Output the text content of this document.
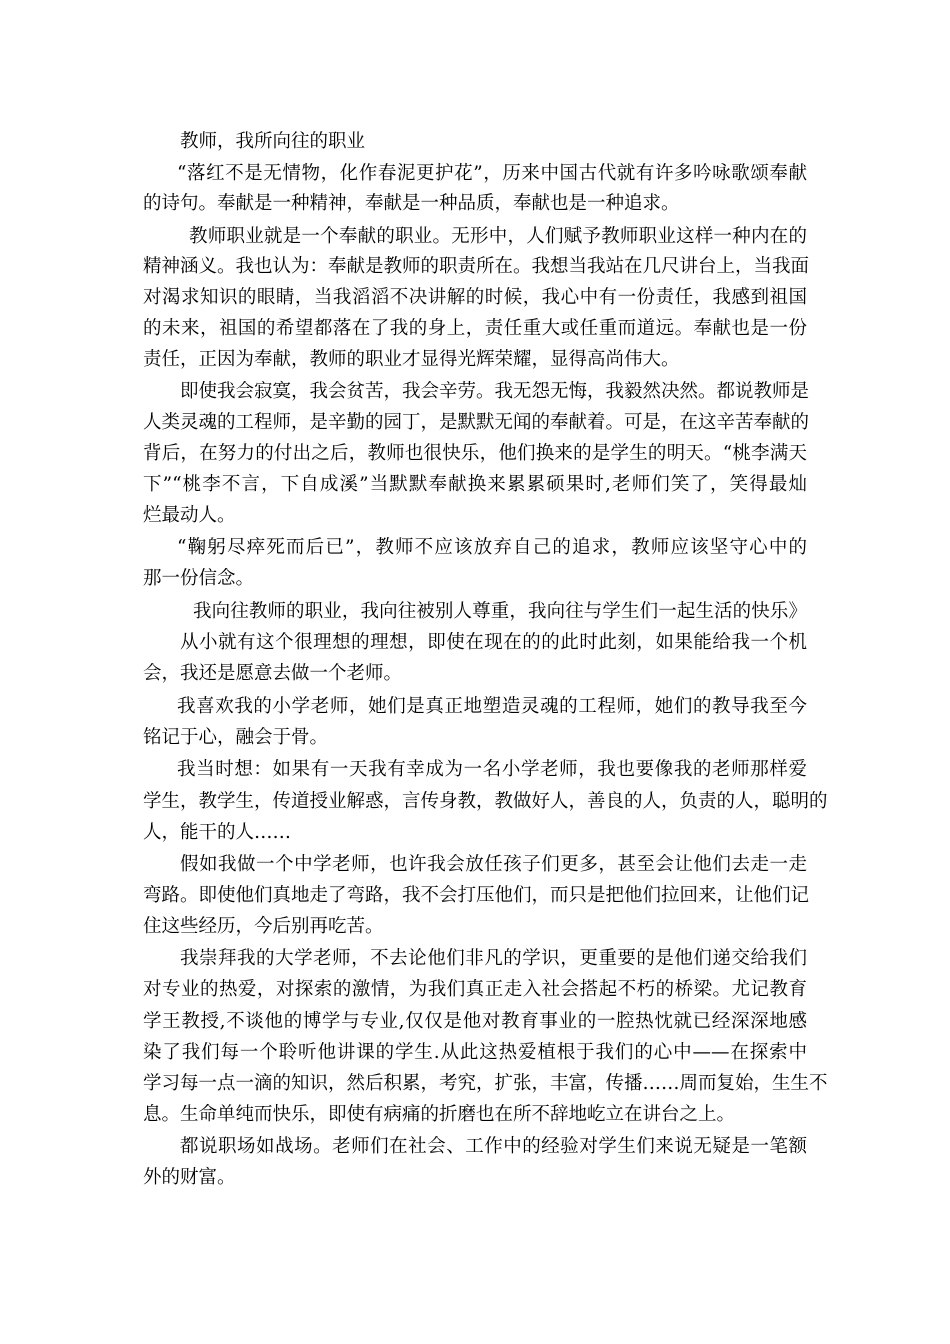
教师，我所向往的职业
“落红不是无情物，化作春泥更护花”，历来中国古代就有许多吟咏歌颂奉献
的诗句。奉献是一种精神，奉献是一种品质，奉献也是一种追求。
教师职业就是一个奉献的职业。无形中，人们赋予教师职业这样一种内在的
精神涵义。我也认为：奉献是教师的职责所在。我想当我站在几尺讲台上，当我面
对渴求知识的眼睛，当我滔滔不决讲解的时候，我心中有一份责任，我感到祖国
的未来，祖国的希望都落在了我的身上，责任重大或任重而道远。奉献也是一份
责任，正因为奉献，教师的职业才显得光辉荣耀，显得高尚伟大。
即使我会寂寞，我会贫苦，我会辛劳。我无怨无悔，我毅然决然。都说教师是
人类灵魂的工程师，是辛勤的园丁，是默默无闻的奉献着。可是，在这辛苦奉献的
背后，在努力的付出之后，教师也很快乐，他们换来的是学生的明天。“桃李满天
下”“桃李不言，下自成溪”当默默奉献换来累累硕果时,老师们笑了，笑得最灿
烂最动人。
“鞠躬尽瘁死而后已”，教师不应该放弃自己的追求，教师应该坚守心中的
那一份信念。
我向往教师的职业，我向往被别人尊重，我向往与学生们一起生活的快乐》
从小就有这个很理想的理想，即使在现在的的此时此刻，如果能给我一个机
会，我还是愿意去做一个老师。
我喜欢我的小学老师，她们是真正地塑造灵魂的工程师，她们的教导我至今
铭记于心，融会于骨。
我当时想：如果有一天我有幸成为一名小学老师，我也要像我的老师那样爱
学生，教学生，传道授业解惑，言传身教，教做好人，善良的人，负责的人，聪明的
人，能干的人……
假如我做一个中学老师，也许我会放任孩子们更多，甚至会让他们去走一走
弯路。即使他们真地走了弯路，我不会打压他们，而只是把他们拉回来，让他们记
住这些经历，今后别再吃苦。
我崇拜我的大学老师，不去论他们非凡的学识，更重要的是他们递交给我们
对专业的热爱，对探索的激情，为我们真正走入社会搭起不朽的桥梁。尤记教育
学王教授,不谈他的博学与专业,仅仅是他对教育事业的一腔热忱就已经深深地感
染了我们每一个聆听他讲课的学生.从此这热爱植根于我们的心中——在探索中
学习每一点一滴的知识，然后积累，考究，扩张，丰富，传播……周而复始，生生不
息。生命单纯而快乐，即使有病痛的折磨也在所不辞地屹立在讲台之上。
都说职场如战场。老师们在社会、工作中的经验对学生们来说无疑是一笔额
外的财富。
